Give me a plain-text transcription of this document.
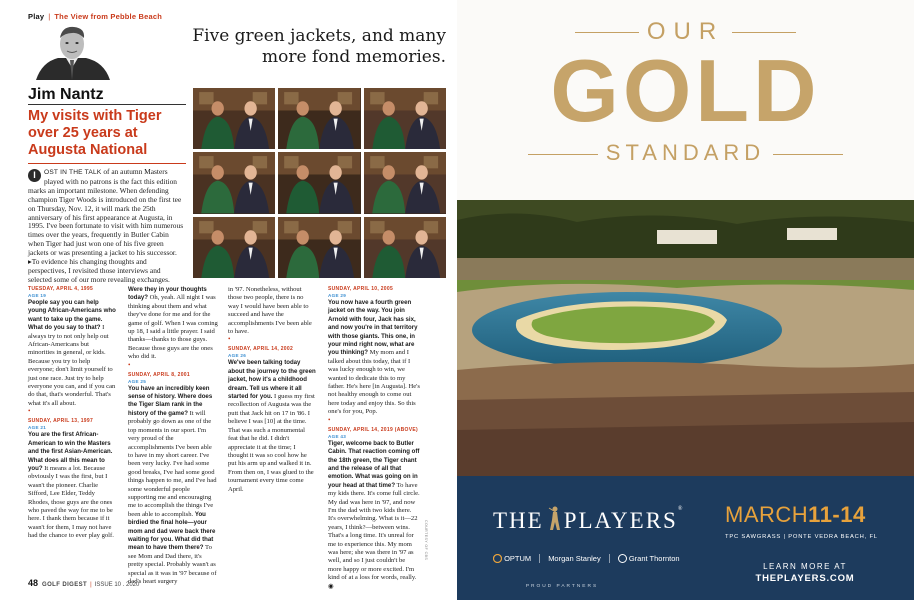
Play | The View from Pebble Beach
Five green jackets, and many more fond memories.
Jim Nantz
My visits with Tiger over 25 years at Augusta National

I	OST IN THE TALK of an autumn Masters played with no patrons is the fact this edition marks an important milestone. When defending champion Tiger Woods is introduced on the first tee on Thursday, Nov. 12, it will mark the 25th anniversary of his first appearance at Augusta, in 1995. I've been fortunate to visit with him numerous times over the years, frequently in Butler Cabin when Tiger had just won one of his five green jackets or was presenting a jacket to his successor.

▸To evidence his changing thoughts and perspectives, I revisited those interviews and selected some of our more revealing exchanges.

TUESDAY, APRIL 4, 1995
AGE 19
People say you can help young African-Americans who want to take up the game. What do you say to that? I always try to not only help out African-Americans but minorities in general, or kids. Because you try to help everyone; don't limit yourself to just one race. Just try to help everyone you can, and if you can do that, that's wonderful. That's what it's all about.
•
SUNDAY, APRIL 13, 1997
AGE 21
You are the first African-American to win the Masters and the first Asian-American. What does all this mean to you? It means a lot. Because obviously I was the first, but I wasn't the pioneer. Charlie Sifford, Lee Elder, Teddy Rhodes, those guys are the ones who paved the way for me to be here. I thank them because if it wasn't for them, I may not have had the chance to ever play golf.
Were they in your thoughts today? Oh, yeah. All night I was thinking about them and what they've done for me and for the game of golf. When I was coming up 18, I said a little prayer. I said thanks—thanks to those guys. Because those guys are the ones who did it.
•
SUNDAY, APRIL 8, 2001
AGE 25
You have an incredibly keen sense of history. Where does the Tiger Slam rank in the history of the game? It will probably go down as one of the top moments in our sport. I'm very proud of the accomplishments I've been able to have in my short career. I've been very lucky. I've had some good breaks, I've had some good things happen to me, and I've had some wonderful people supporting me and encouraging me to accomplish the things I've been able to accomplish. You birdied the final hole—your mom and dad were back there waiting for you. What did that mean to have them there? To see Mom and Dad there, it's pretty special. Probably wasn't as special as it was in '97 because of dad's heart surgery
in '97. Nonetheless, without those two people, there is no way I would have been able to succeed and have the accomplishments I've been able to have.
•
SUNDAY, APRIL 14, 2002
AGE 26
We've been talking today about the journey to the green jacket, how it's a childhood dream. Tell us where it all started for you. I guess my first recollection of Augusta was the putt that Jack hit on 17 in '86. I believe I was [10] at the time. That was such a monumental feat that he did. I didn't appreciate it at the time; I thought it was so cool how he put his arm up and walked it in. From then on, I was glued to the tournament every time come April.
SUNDAY, APRIL 10, 2005
AGE 29
You now have a fourth green jacket on the way. You join Arnold with four, Jack has six, and now you're in that territory with those giants. This one, in your mind right now, what are you thinking? My mom and I talked about this today, that if I was lucky enough to win, we wanted to dedicate this to my father. He's here [in Augusta]. He's not healthy enough to come out here today and enjoy this. So this one's for you, Pop.
•
SUNDAY, APRIL 14, 2019 (ABOVE)
AGE 43
Tiger, welcome back to Butler Cabin. That reaction coming off the 18th green, the Tiger chant and the release of all that emotion. What was going on in your head at that time? To have my kids there. It's come full circle. My dad was here in '97, and now I'm the dad with two kids there. It's overwhelming. What is it—22 years, I think?—between wins. That's a long time. It's unreal for me to experience this. My mom was here; she was there in '97 as well, and so I just couldn't be more happy or more excited. I'm kind of at a loss for words, really. ◉
COURTESY OF CBS
48 GOLF DIGEST | ISSUE 10 . 2020
OUR
GOLD
STANDARD
THE PLAYERS®

OPTUM Morgan Stanley
	Grant Thornton
PROUD PARTNERS
MARCH11-14
TPC SAWGRASS | PONTE VEDRA BEACH, FL
LEARN MORE AT
THEPLAYERS.COM
